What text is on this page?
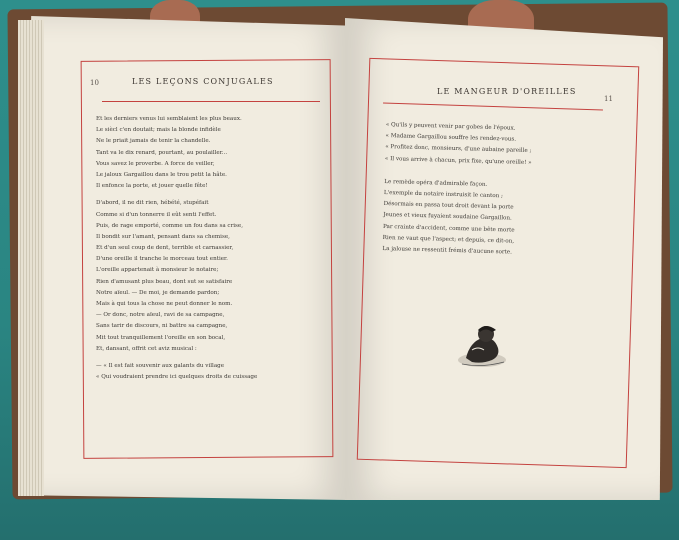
10	LES LEÇONS CONJUGALES
Et les derniers venus lui semblaient les plus beaux.
Le siècl c'en doutait; mais la blonde infidèle
Ne le priait jamais de tenir la chandelle.
Tant va le dix renard, pourtant, au poulailler...
Vous savez le proverbe. A force de veiller,
Le jaloux Gargaillou dans le trou petit la hâte.
Il enfonce la porte, et jouer quelle fête!
D'abord, il ne dit rien, hébété, stupéfait
Comme si d'un tonnerre il eût senti l'effet.
Puis, de rage emporté, comme un fou dans sa crise,
Il bondit sur l'amant, pensant dans sa chemise,
Et d'un seul coup de dent, terrible et carnassier,
D'une oreille il tranche le morceau tout entier.
L'oreille appartenait à monsieur le notaire;
Rien d'amusant plus beau, dont sut se satisfaire
Notre aïeul. — De moi, je demande pardon;
Mais à qui tous la chose ne peut donner le nom.
— Or donc, notre aïeul, ravi de sa campagne,
Sans tarir de discours, ni battre sa campagne,
Mit tout tranquillement l'oreille en son bocal,
Et, dansant, offrit cet aviz musical :
— « Il est fait souvenir aux galants du village
« Qui voudraient prendre ici quelques droits de cuissage
LE MANGEUR D'OREILLES
11
« Qu'ils y peuvent venir par gobes de l'époux.
« Madame Gargaillou souffre les rendez-vous.
« Profitez donc, monsieurs, d'une aubaine pareille ;
« Il vous arrive à chacun, prix fixe, qu'une oreille! »
Le remède opéra d'admirable façon.
L'exemple du notaire instruisit le canton ;
Désormais en passa tout droit devant la porte
Jeunes et vieux fuyaient soudaine Gargaillon.
Par crainte d'accident, comme une bête morte
Rien ne vaut que l'aspect; et depuis, ce dit-on,
La jalouse ne ressentit frémis d'aucune sorte.
